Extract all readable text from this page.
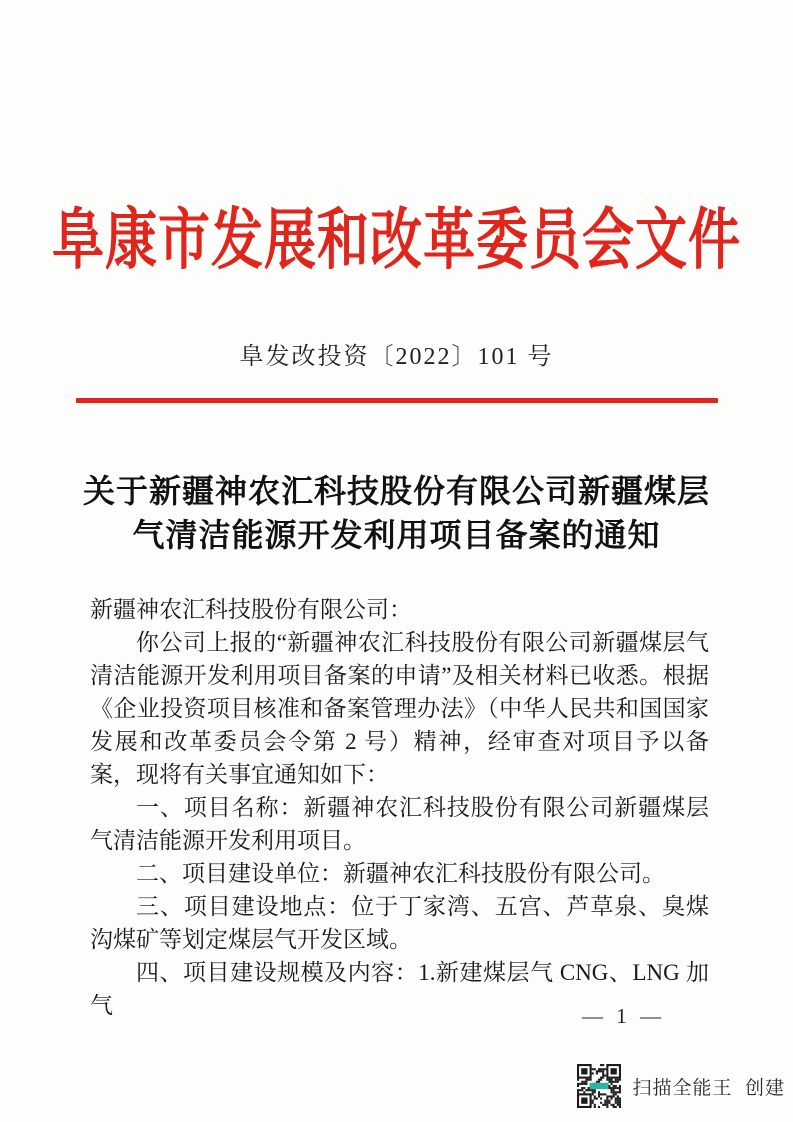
阜康市发展和改革委员会文件
阜发改投资〔2022〕101 号
关于新疆神农汇科技股份有限公司新疆煤层
气清洁能源开发利用项目备案的通知

新疆神农汇科技股份有限公司：

你公司上报的“新疆神农汇科技股份有限公司新疆煤层气清洁能源开发利用项目备案的申请”及相关材料已收悉。根据《企业投资项目核准和备案管理办法》（中华人民共和国国家发展和改革委员会令第 2 号）精神，经审查对项目予以备案，现将有关事宜通知如下：

一、项目名称：新疆神农汇科技股份有限公司新疆煤层气清洁能源开发利用项目。

二、项目建设单位：新疆神农汇科技股份有限公司。

三、项目建设地点：位于丁家湾、五宫、芦草泉、臭煤沟煤矿等划定煤层气开发区域。

四、项目建设规模及内容：1.新建煤层气 CNG、LNG 加气	— 1 —
扫描全能王  创建
